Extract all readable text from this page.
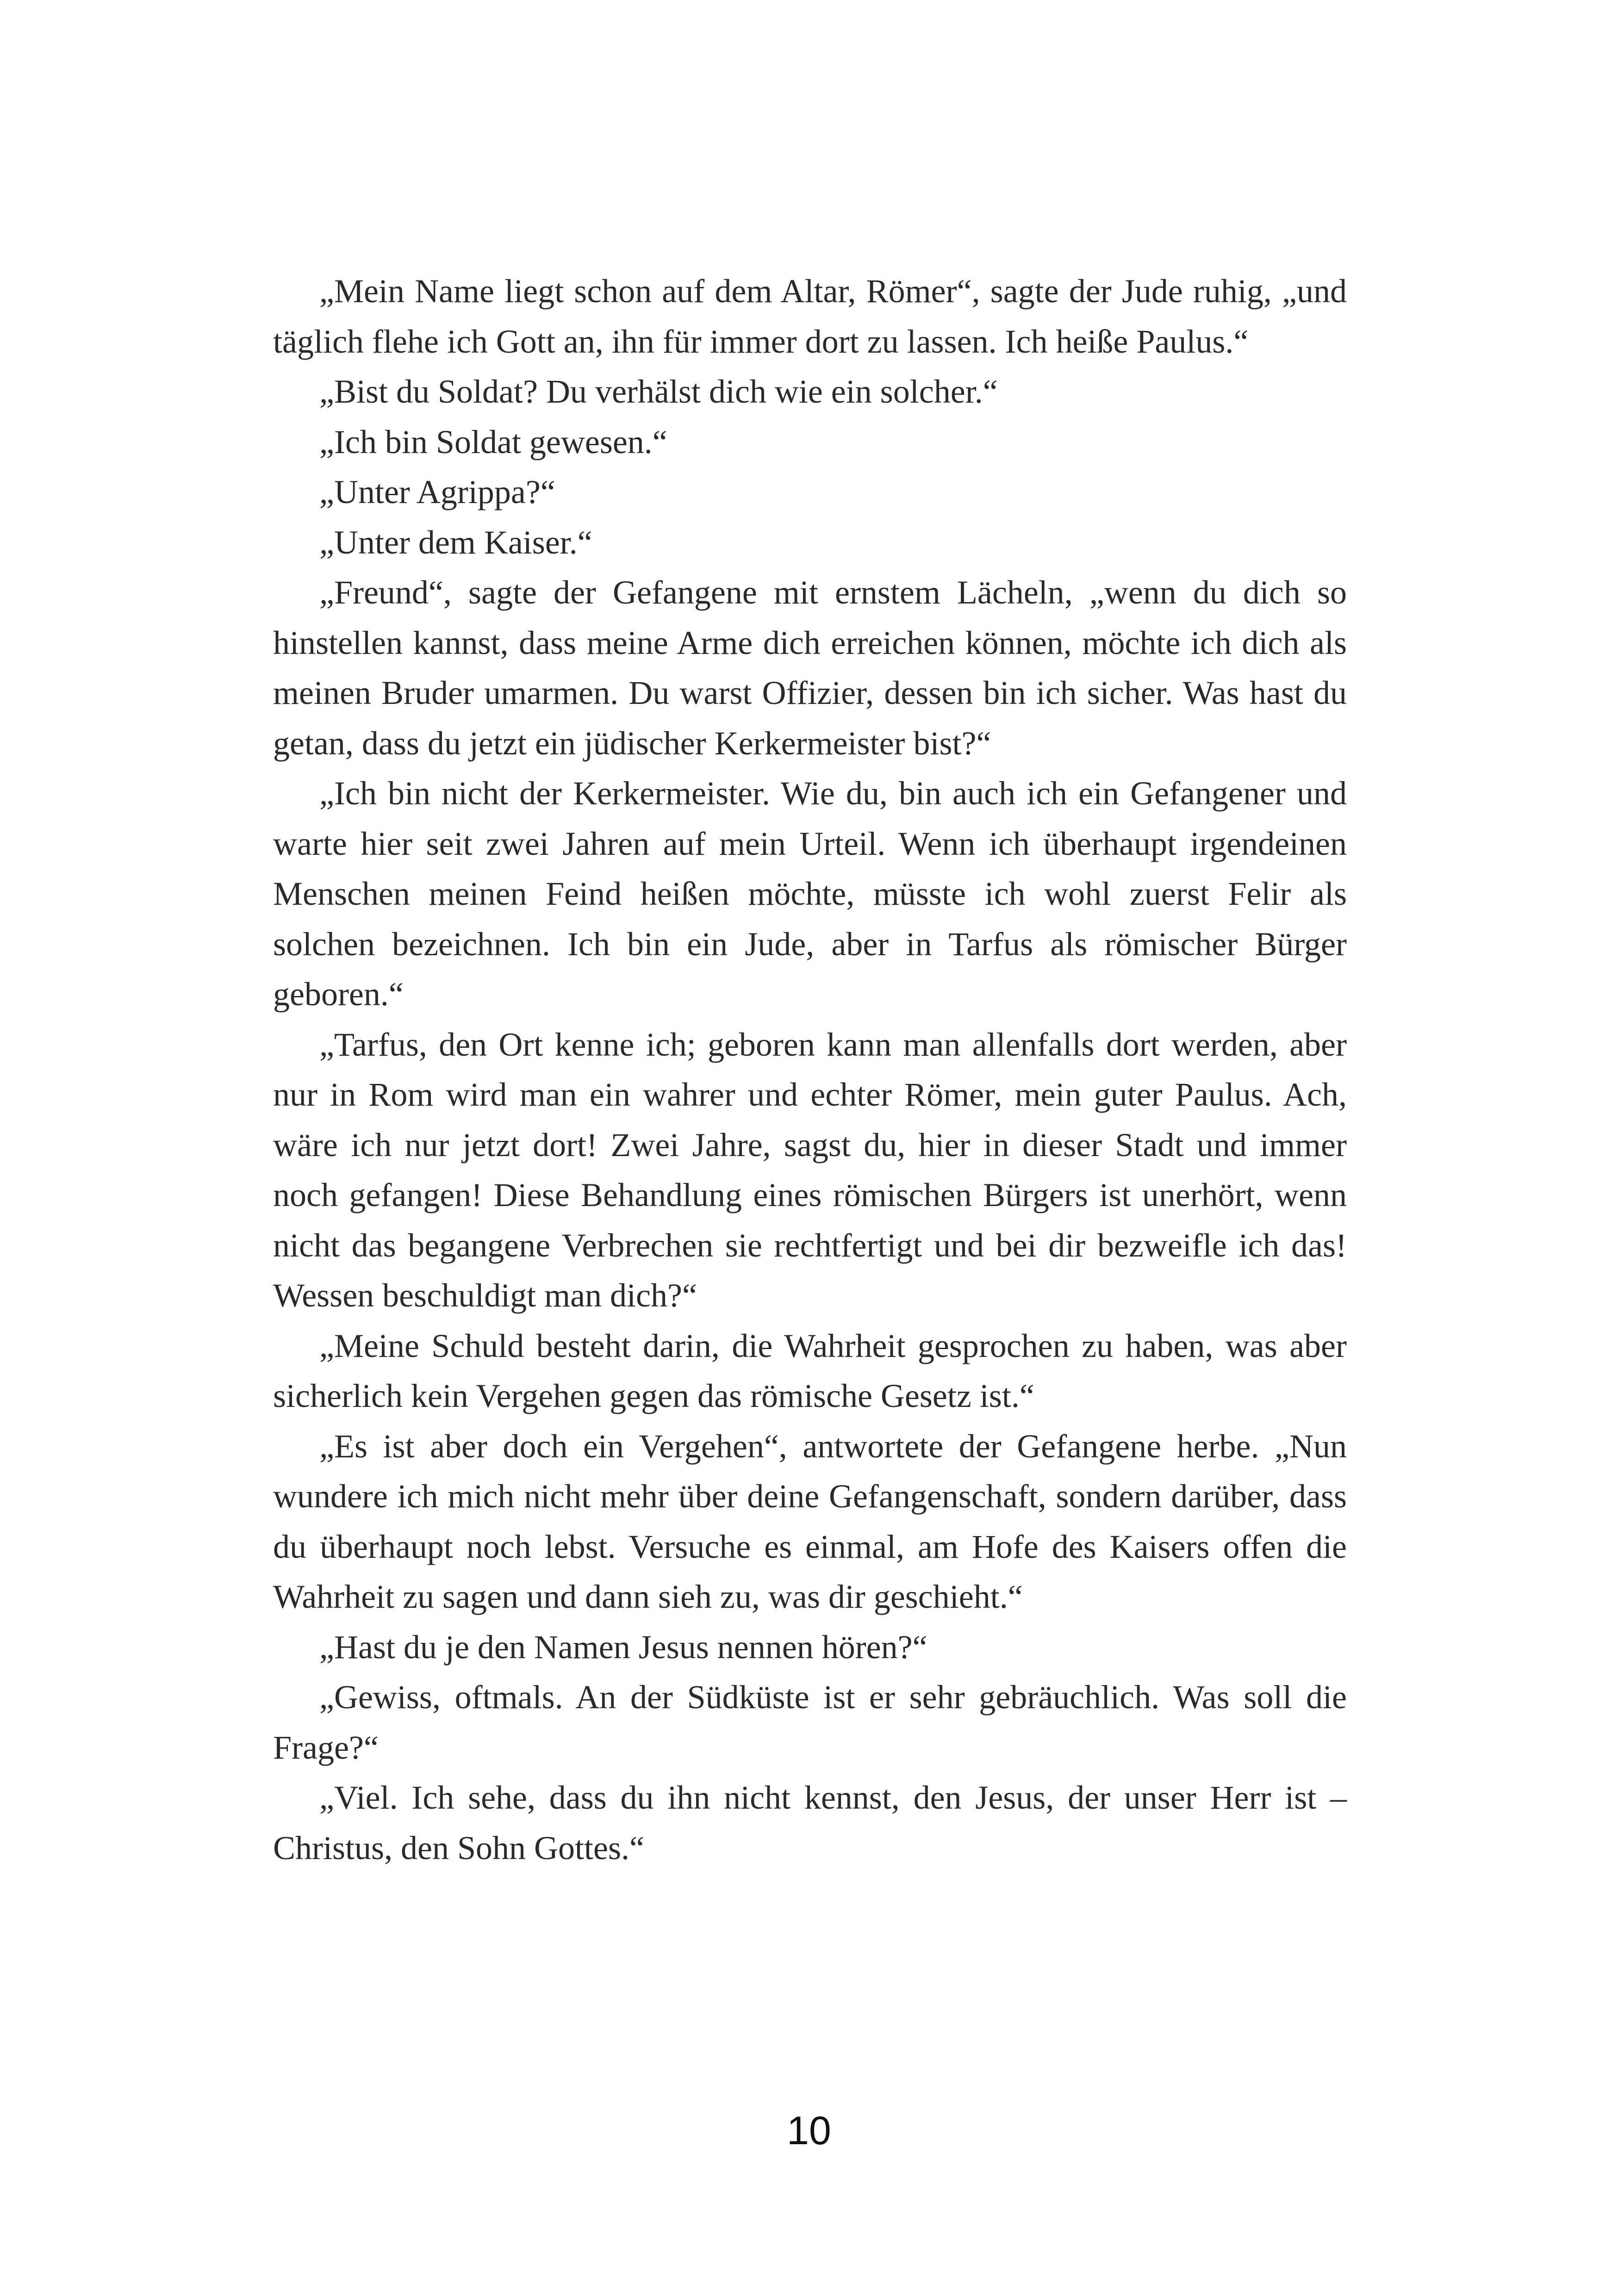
„Mein Name liegt schon auf dem Altar, Römer“, sagte der Jude ruhig, „und täglich flehe ich Gott an, ihn für immer dort zu lassen. Ich heiße Paulus.“

„Bist du Soldat? Du verhälst dich wie ein solcher.“

„Ich bin Soldat gewesen.“

„Unter Agrippa?“

„Unter dem Kaiser.“

„Freund“, sagte der Gefangene mit ernstem Lächeln, „wenn du dich so hinstellen kannst, dass meine Arme dich erreichen können, möchte ich dich als meinen Bruder umarmen. Du warst Offizier, dessen bin ich sicher. Was hast du getan, dass du jetzt ein jüdischer Kerkermeister bist?“

„Ich bin nicht der Kerkermeister. Wie du, bin auch ich ein Gefangener und warte hier seit zwei Jahren auf mein Urteil. Wenn ich überhaupt irgendeinen Menschen meinen Feind heißen möchte, müsste ich wohl zuerst Felir als solchen bezeichnen. Ich bin ein Jude, aber in Tarfus als römischer Bürger geboren.“

„Tarfus, den Ort kenne ich; geboren kann man allenfalls dort werden, aber nur in Rom wird man ein wahrer und echter Römer, mein guter Paulus. Ach, wäre ich nur jetzt dort! Zwei Jahre, sagst du, hier in dieser Stadt und immer noch gefangen! Diese Behandlung eines römischen Bürgers ist unerhört, wenn nicht das begangene Verbrechen sie rechtfertigt und bei dir bezweifle ich das! Wessen beschuldigt man dich?“

„Meine Schuld besteht darin, die Wahrheit gesprochen zu haben, was aber sicherlich kein Vergehen gegen das römische Gesetz ist.“

„Es ist aber doch ein Vergehen“, antwortete der Gefangene herbe. „Nun wundere ich mich nicht mehr über deine Gefangenschaft, sondern darüber, dass du überhaupt noch lebst. Versuche es einmal, am Hofe des Kaisers offen die Wahrheit zu sagen und dann sieh zu, was dir geschieht.“

„Hast du je den Namen Jesus nennen hören?“

„Gewiss, oftmals. An der Südküste ist er sehr gebräuchlich. Was soll die Frage?“

„Viel. Ich sehe, dass du ihn nicht kennst, den Jesus, der unser Herr ist – Christus, den Sohn Gottes.“

10
